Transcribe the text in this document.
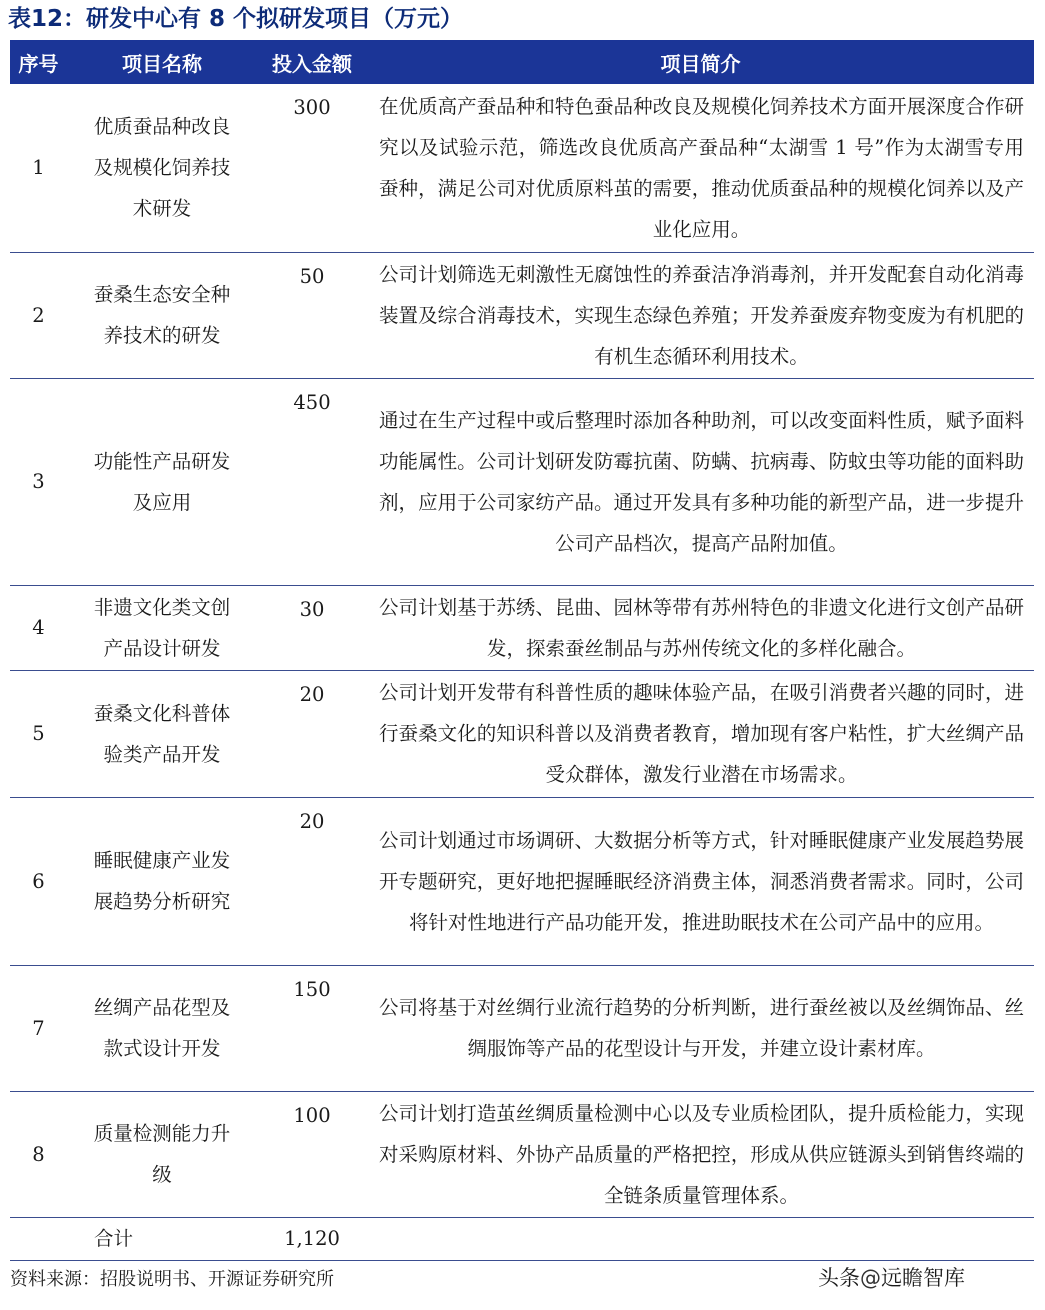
表12：研发中心有 8 个拟研发项目（万元）
序号	项目名称	投入金额	项目简介
1	优质蚕品种改良及规模化饲养技术研发	300	在优质高产蚕品种和特色蚕品种改良及规模化饲养技术方面开展深度合作研究以及试验示范，筛选改良优质高产蚕品种“太湖雪 1 号”作为太湖雪专用蚕种，满足公司对优质原料茧的需要，推动优质蚕品种的规模化饲养以及产业化应用。
2	蚕桑生态安全种养技术的研发	50	公司计划筛选无刺激性无腐蚀性的养蚕洁净消毒剂，并开发配套自动化消毒装置及综合消毒技术，实现生态绿色养殖；开发养蚕废弃物变废为有机肥的有机生态循环利用技术。
3	功能性产品研发及应用	450	通过在生产过程中或后整理时添加各种助剂，可以改变面料性质，赋予面料功能属性。公司计划研发防霉抗菌、防螨、抗病毒、防蚊虫等功能的面料助剂，应用于公司家纺产品。通过开发具有多种功能的新型产品，进一步提升公司产品档次，提高产品附加值。
4	非遗文化类文创产品设计研发	30	公司计划基于苏绣、昆曲、园林等带有苏州特色的非遗文化进行文创产品研发，探索蚕丝制品与苏州传统文化的多样化融合。
5	蚕桑文化科普体验类产品开发	20	公司计划开发带有科普性质的趣味体验产品，在吸引消费者兴趣的同时，进行蚕桑文化的知识科普以及消费者教育，增加现有客户粘性，扩大丝绸产品受众群体，激发行业潜在市场需求。
6	睡眠健康产业发展趋势分析研究	20	公司计划通过市场调研、大数据分析等方式，针对睡眠健康产业发展趋势展开专题研究，更好地把握睡眠经济消费主体，洞悉消费者需求。同时，公司将针对性地进行产品功能开发，推进助眠技术在公司产品中的应用。
7	丝绸产品花型及款式设计开发	150	公司将基于对丝绸行业流行趋势的分析判断，进行蚕丝被以及丝绸饰品、丝绸服饰等产品的花型设计与开发，并建立设计素材库。
8	质量检测能力升级	100	公司计划打造茧丝绸质量检测中心以及专业质检团队，提升质检能力，实现对采购原材料、外协产品质量的严格把控，形成从供应链源头到销售终端的全链条质量管理体系。
合计		1,120	
资料来源：招股说明书、开源证券研究所	头条@远瞻智库
